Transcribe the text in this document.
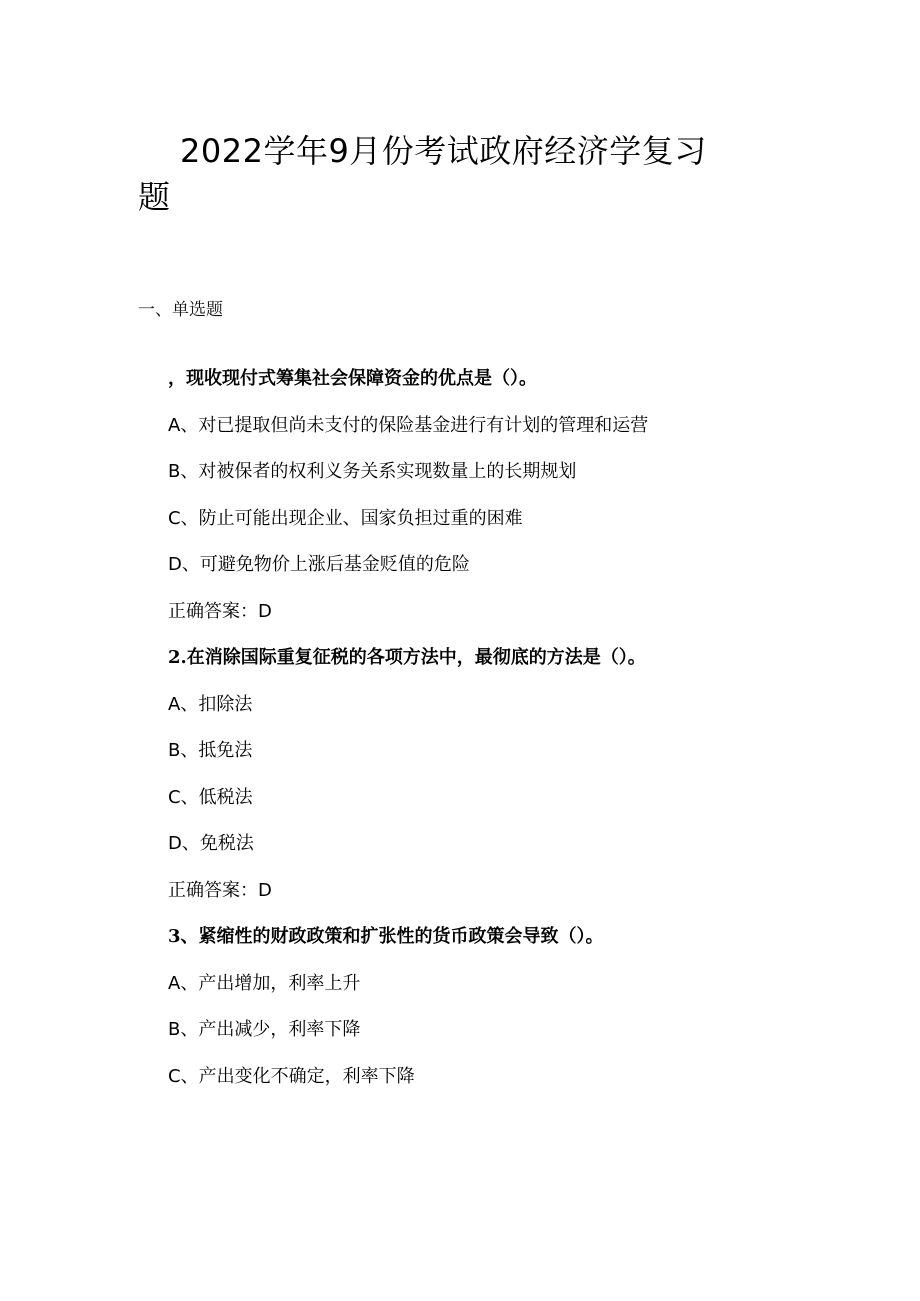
2022学年9月份考试政府经济学复习题
一、单选题
，现收现付式筹集社会保障资金的优点是（）。
A、对已提取但尚未支付的保险基金进行有计划的管理和运营
B、对被保者的权利义务关系实现数量上的长期规划
C、防止可能出现企业、国家负担过重的困难
D、可避免物价上涨后基金贬值的危险
正确答案：D
2.在消除国际重复征税的各项方法中，最彻底的方法是（）。
A、扣除法
B、抵免法
C、低税法
D、免税法
正确答案：D
3、紧缩性的财政政策和扩张性的货币政策会导致（）。
A、产出增加，利率上升
B、产出减少，利率下降
C、产出变化不确定，利率下降
